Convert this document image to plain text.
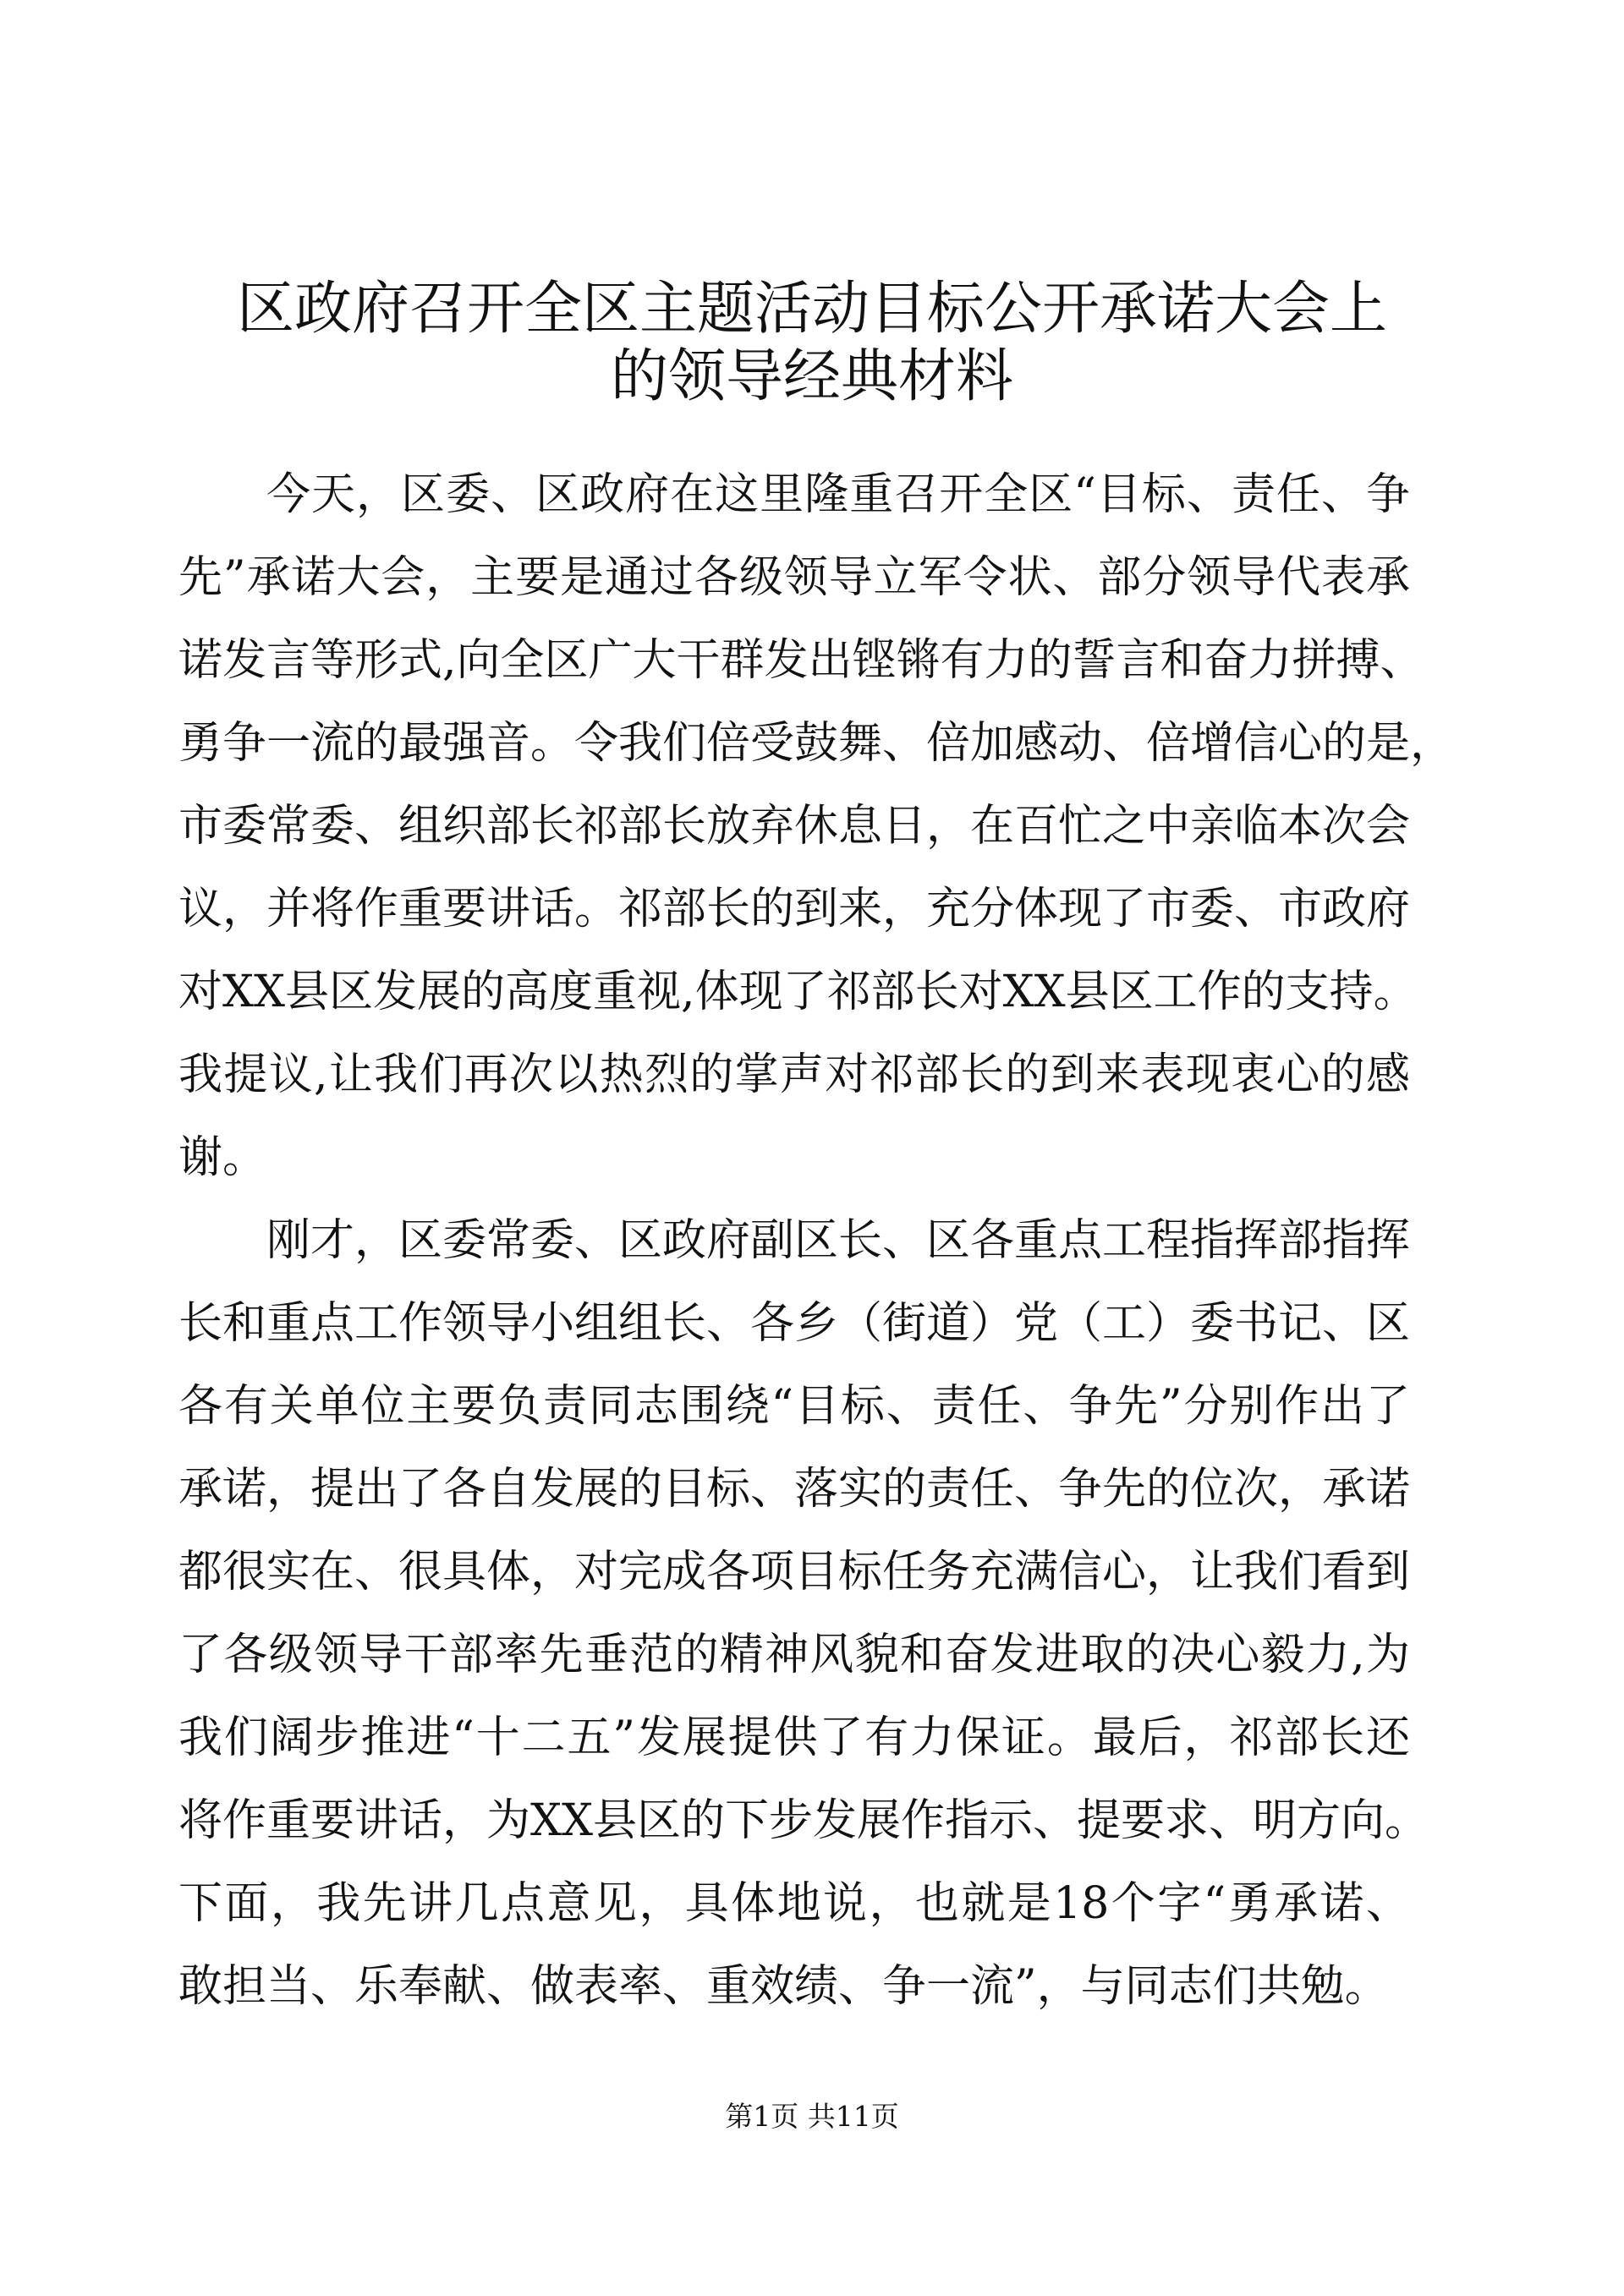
区政府召开全区主题活动目标公开承诺大会上
的领导经典材料
今天，区委、区政府在这里隆重召开全区“目标、责任、争
先”承诺大会，主要是通过各级领导立军令状、部分领导代表承
诺发言等形式,向全区广大干群发出铿锵有力的誓言和奋力拼搏、
勇争一流的最强音。令我们倍受鼓舞、倍加感动、倍增信心的是，
市委常委、组织部长祁部长放弃休息日，在百忙之中亲临本次会
议，并将作重要讲话。祁部长的到来，充分体现了市委、市政府
对XX县区发展的高度重视,体现了祁部长对XX县区工作的支持。
我提议,让我们再次以热烈的掌声对祁部长的到来表现衷心的感
谢。
刚才，区委常委、区政府副区长、区各重点工程指挥部指挥
长和重点工作领导小组组长、各乡（街道）党（工）委书记、区
各有关单位主要负责同志围绕“目标、责任、争先”分别作出了
承诺，提出了各自发展的目标、落实的责任、争先的位次，承诺
都很实在、很具体，对完成各项目标任务充满信心，让我们看到
了各级领导干部率先垂范的精神风貌和奋发进取的决心毅力,为
我们阔步推进“十二五”发展提供了有力保证。最后，祁部长还
将作重要讲话，为XX县区的下步发展作指示、提要求、明方向。
下面，我先讲几点意见，具体地说，也就是18个字“勇承诺、
敢担当、乐奉献、做表率、重效绩、争一流”，与同志们共勉。
第1页 共11页
